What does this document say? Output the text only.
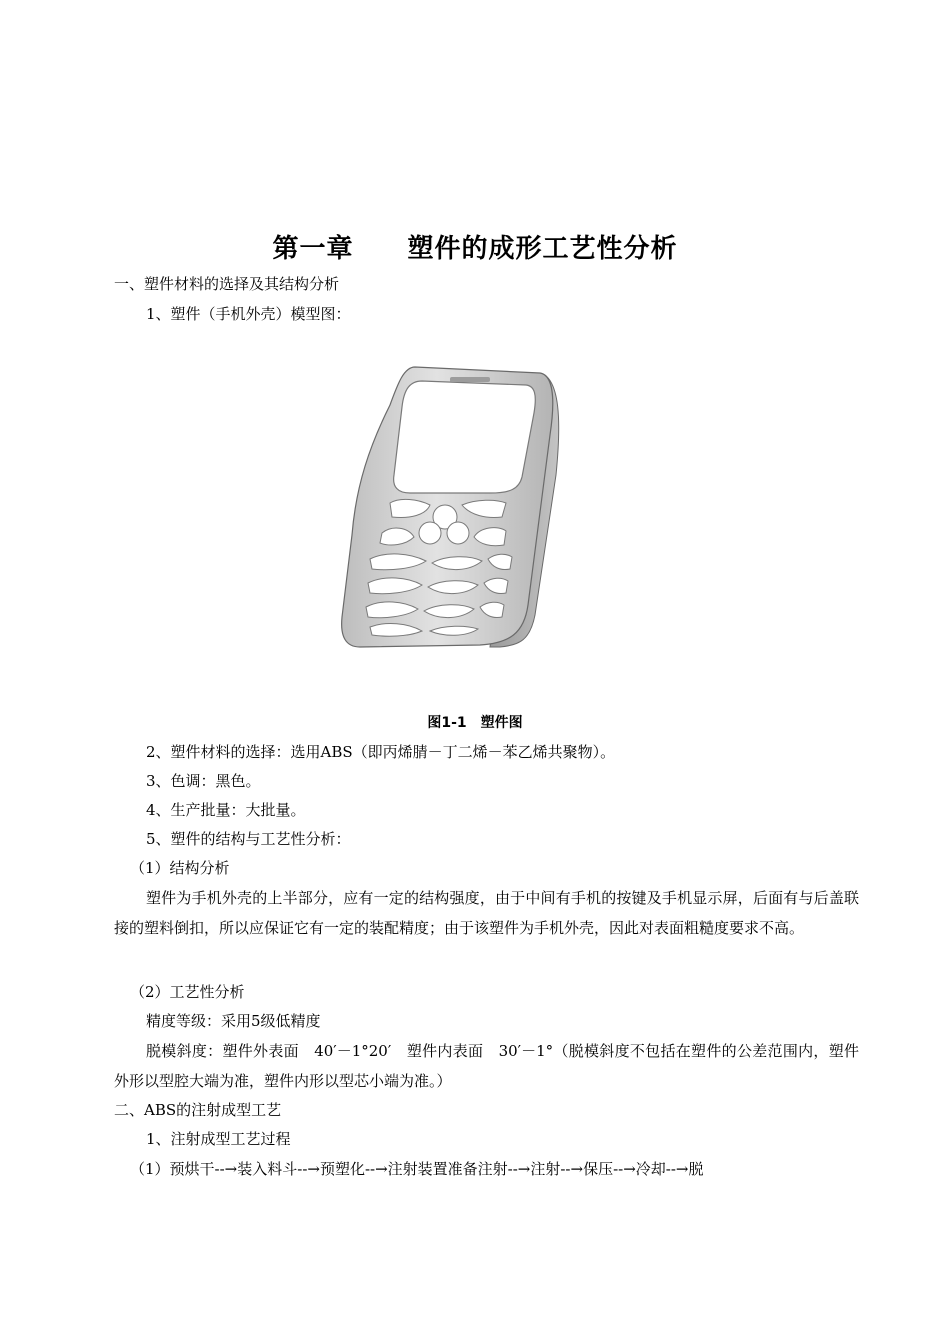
第一章　　塑件的成形工艺性分析
一、塑件材料的选择及其结构分析
1、塑件（手机外壳）模型图：
图1-1　塑件图
2、塑件材料的选择：选用ABS（即丙烯腈－丁二烯－苯乙烯共聚物）。
3、色调：黑色。
4、生产批量：大批量。
5、塑件的结构与工艺性分析：
（1）结构分析
塑件为手机外壳的上半部分，应有一定的结构强度，由于中间有手机的按键及手机显示屏，后面有与后盖联接的塑料倒扣，所以应保证它有一定的装配精度；由于该塑件为手机外壳，因此对表面粗糙度要求不高。
（2）工艺性分析
精度等级：采用5级低精度
脱模斜度：塑件外表面　40′－1°20′　塑件内表面　30′－1°（脱模斜度不包括在塑件的公差范围内，塑件外形以型腔大端为准，塑件内形以型芯小端为准。）
二、ABS的注射成型工艺
1、注射成型工艺过程
（1）预烘干--→装入料斗--→预塑化--→注射装置准备注射--→注射--→保压--→冷却--→脱
